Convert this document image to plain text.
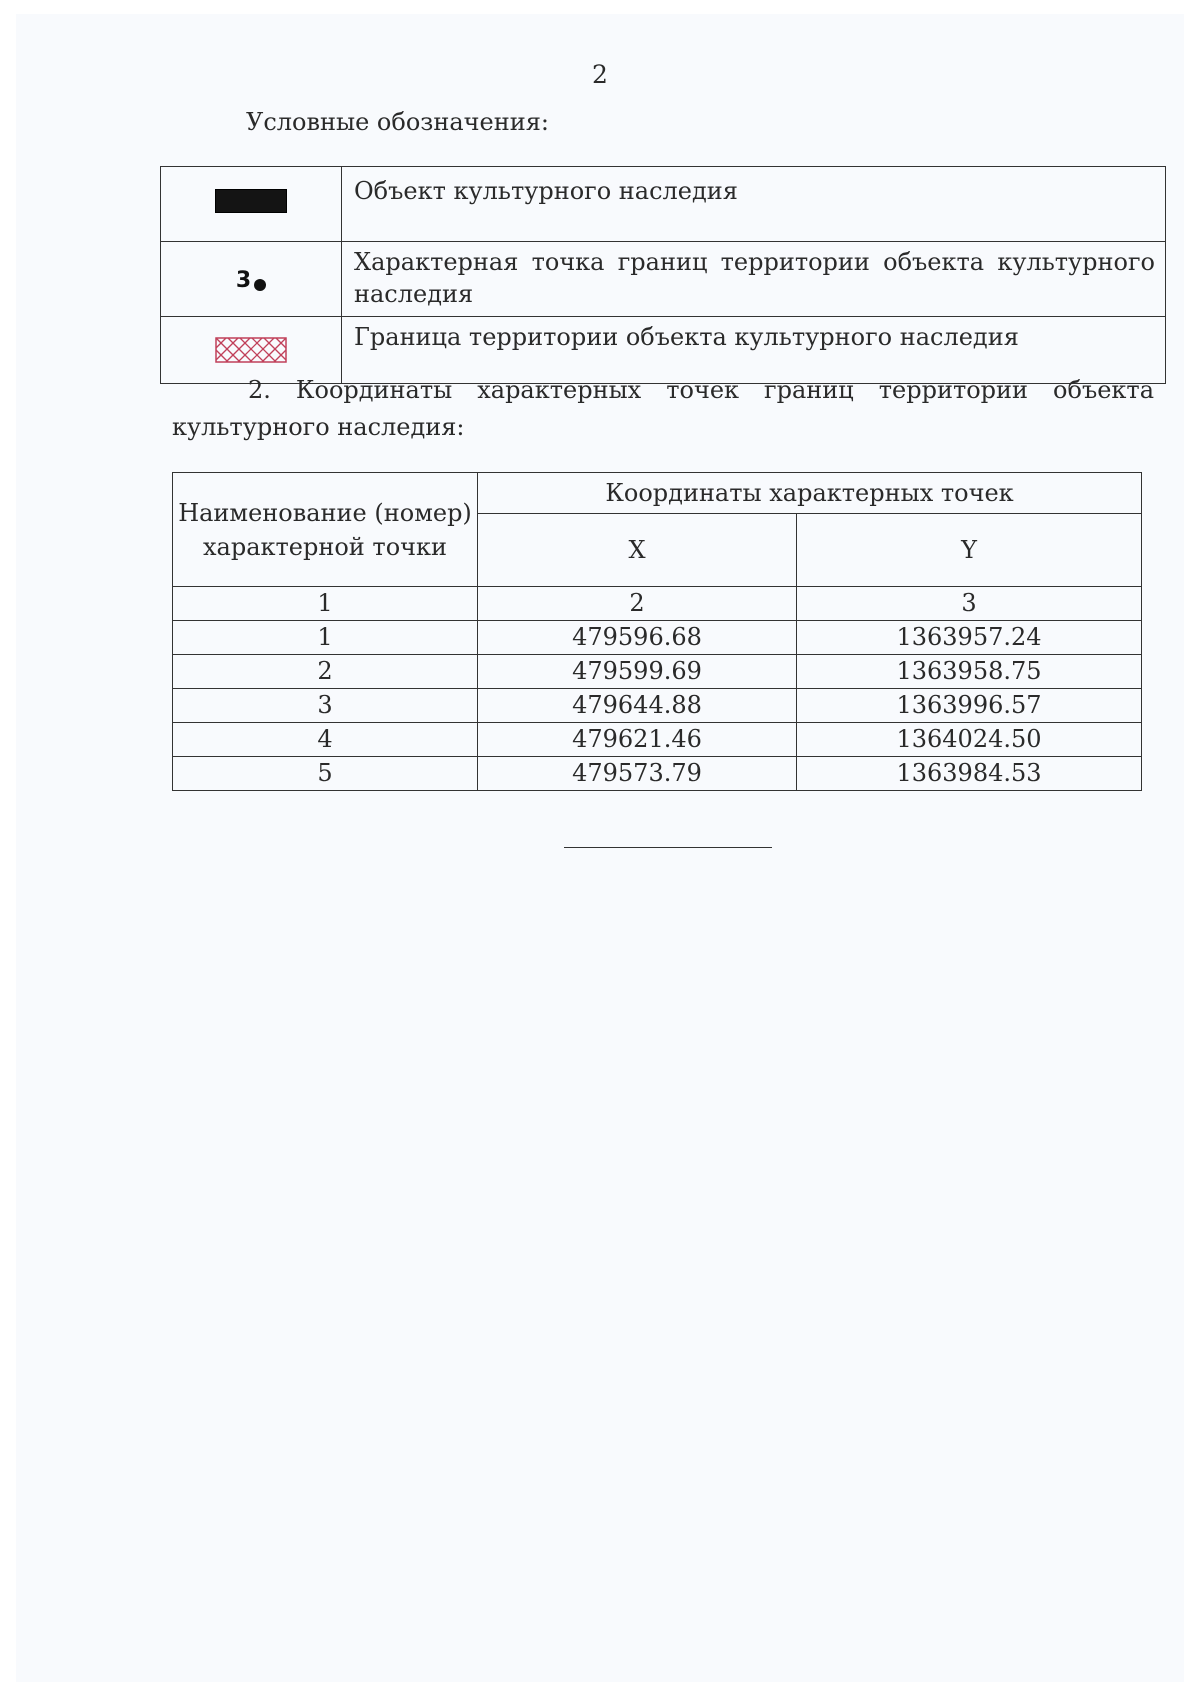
2
Условные обозначения:
	Объект культурного наследия

3	Характерная точка границ территории объекта культурного наследия

	Граница территории объекта культурного наследия
2. Координаты характерных точек границ территории объекта культурного наследия:
Наименование (номер) характерной точки	Координаты характерных точек	
	X	Y
1	2	3
1	479596.68	1363957.24
2	479599.69	1363958.75
3	479644.88	1363996.57
4	479621.46	1364024.50
5	479573.79	1363984.53
